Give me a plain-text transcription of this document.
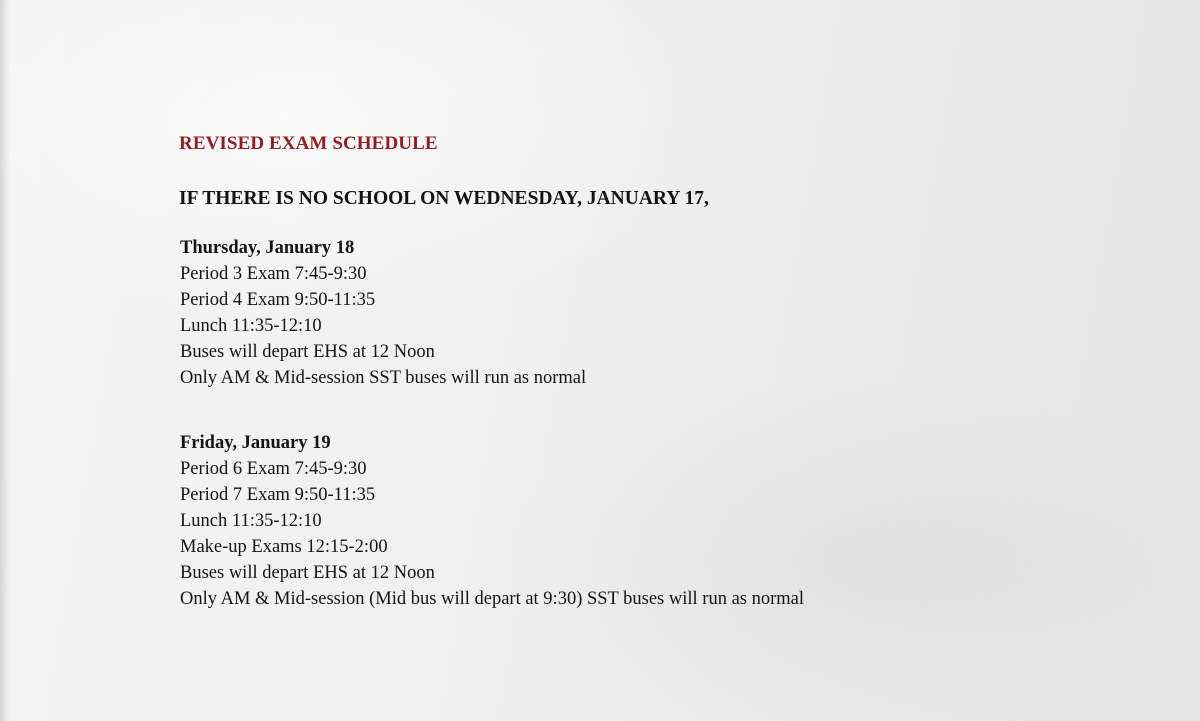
REVISED EXAM SCHEDULE
IF THERE IS NO SCHOOL ON WEDNESDAY, JANUARY 17,
Thursday, January 18
Period 3 Exam 7:45-9:30
Period 4 Exam 9:50-11:35
Lunch 11:35-12:10
Buses will depart EHS at 12 Noon
Only AM & Mid-session SST buses will run as normal
Friday, January 19
Period 6 Exam 7:45-9:30
Period 7 Exam 9:50-11:35
Lunch 11:35-12:10
Make-up Exams 12:15-2:00
Buses will depart EHS at 12 Noon
Only AM & Mid-session (Mid bus will depart at 9:30) SST buses will run as normal
